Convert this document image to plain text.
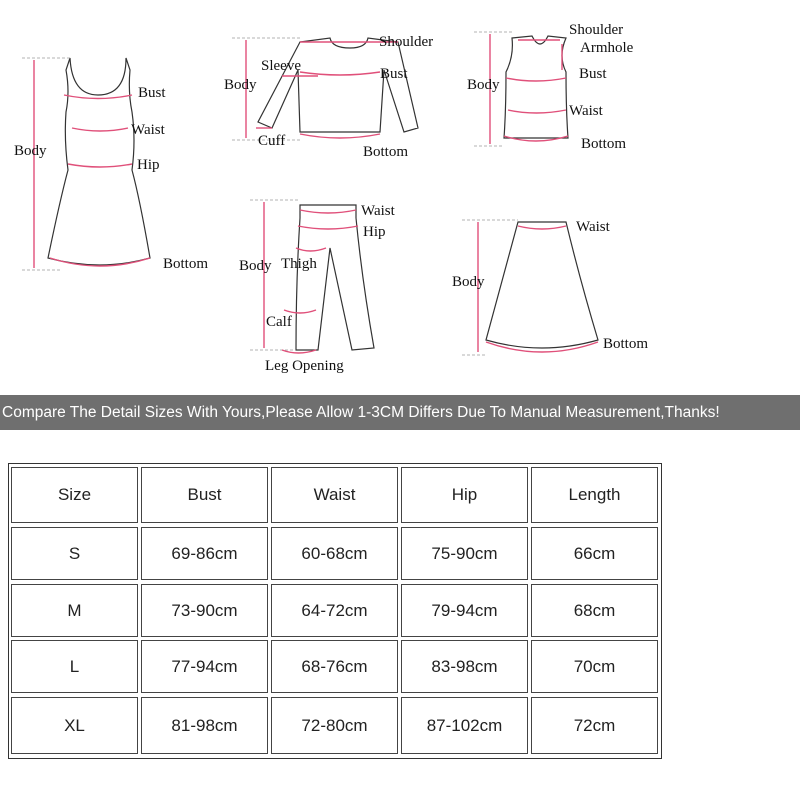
Bust
Waist
Hip
Body
Bottom
Shoulder
Sleeve
Body
Bust
Cuff
Bottom
Shoulder
Armhole
Bust
Body
Waist
Bottom
Waist
Hip
Body Thigh
Calf
Leg Opening
Waist
Body
Bottom
Compare The Detail Sizes With Yours,Please Allow 1-3CM Differs Due To Manual Measurement,Thanks!
Size	Bust	Waist	Hip	Length
S	69-86cm	60-68cm	75-90cm	66cm
M	73-90cm	64-72cm	79-94cm	68cm
L	77-94cm	68-76cm	83-98cm	70cm
XL	81-98cm	72-80cm	87-102cm	72cm
